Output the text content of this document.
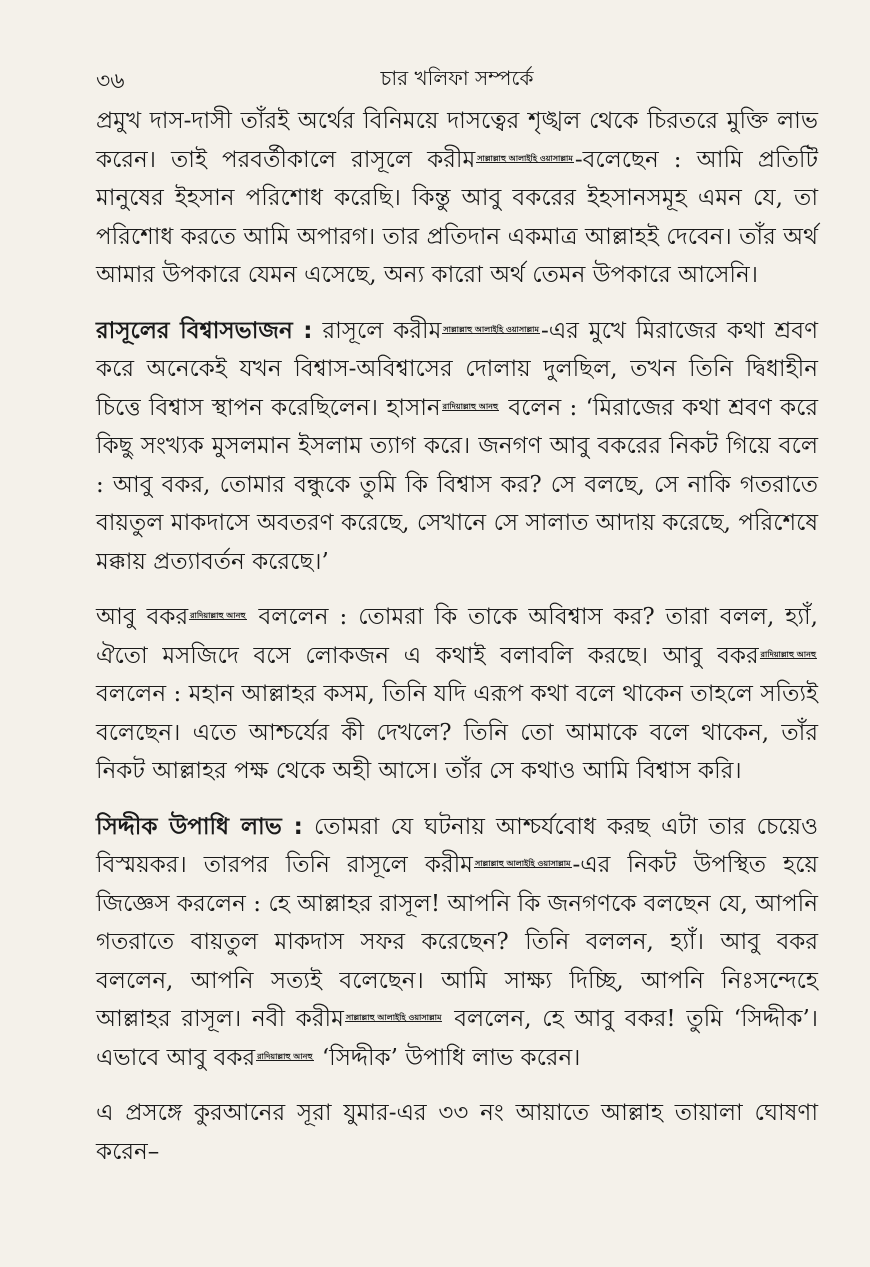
৩৬	চার খলিফা সম্পর্কে

প্রমুখ দাস-দাসী তাঁরই অর্থের বিনিময়ে দাসত্বের শৃঙ্খল থেকে চিরতরে মুক্তি লাভ করেন। তাই পরবর্তীকালে রাসূলে করীম সাল্লাল্লাহু আলাইহি ওয়াসাল্লাম-বলেছেন : আমি প্রতিটি মানুষের ইহসান পরিশোধ করেছি। কিন্তু আবু বকরের ইহসানসমূহ এমন যে, তা পরিশোধ করতে আমি অপারগ। তার প্রতিদান একমাত্র আল্লাহই দেবেন। তাঁর অর্থ আমার উপকারে যেমন এসেছে, অন্য কারো অর্থ তেমন উপকারে আসেনি।

রাসূলের বিশ্বাসভাজন : রাসূলে করীম সাল্লাল্লাহু আলাইহি ওয়াসাল্লাম-এর মুখে মিরাজের কথা শ্রবণ করে অনেকেই যখন বিশ্বাস-অবিশ্বাসের দোলায় দুলছিল, তখন তিনি দ্বিধাহীন চিত্তে বিশ্বাস স্থাপন করেছিলেন। হাসান রাদিয়াল্লাহু আনহু বলেন : ‘মিরাজের কথা শ্রবণ করে কিছু সংখ্যক মুসলমান ইসলাম ত্যাগ করে। জনগণ আবু বকরের নিকট গিয়ে বলে : আবু বকর, তোমার বন্ধুকে তুমি কি বিশ্বাস কর? সে বলছে, সে নাকি গতরাতে বায়তুল মাকদাসে অবতরণ করেছে, সেখানে সে সালাত আদায় করেছে, পরিশেষে মক্কায় প্রত্যাবর্তন করেছে।’

আবু বকর রাদিয়াল্লাহু আনহু বললেন : তোমরা কি তাকে অবিশ্বাস কর? তারা বলল, হ্যাঁ, ঐতো মসজিদে বসে লোকজন এ কথাই বলাবলি করছে। আবু বকর রাদিয়াল্লাহু আনহু বললেন : মহান আল্লাহর কসম, তিনি যদি এরূপ কথা বলে থাকেন তাহলে সত্যিই বলেছেন। এতে আশ্চর্যের কী দেখলে? তিনি তো আমাকে বলে থাকেন, তাঁর নিকট আল্লাহর পক্ষ থেকে অহী আসে। তাঁর সে কথাও আমি বিশ্বাস করি।

সিদ্দীক উপাধি লাভ : তোমরা যে ঘটনায় আশ্চর্যবোধ করছ এটা তার চেয়েও বিস্ময়কর। তারপর তিনি রাসূলে করীম সাল্লাল্লাহু আলাইহি ওয়াসাল্লাম-এর নিকট উপস্থিত হয়ে জিজ্ঞেস করলেন : হে আল্লাহর রাসূল! আপনি কি জনগণকে বলছেন যে, আপনি গতরাতে বায়তুল মাকদাস সফর করেছেন? তিনি বললন, হ্যাঁ। আবু বকর বললেন, আপনি সত্যই বলেছেন। আমি সাক্ষ্য দিচ্ছি, আপনি নিঃসন্দেহে আল্লাহর রাসূল। নবী করীম সাল্লাল্লাহু আলাইহি ওয়াসাল্লাম বললেন, হে আবু বকর! তুমি ‘সিদ্দীক’। এভাবে আবু বকর রাদিয়াল্লাহু আনহু ‘সিদ্দীক’ উপাধি লাভ করেন।

এ প্রসঙ্গে কুরআনের সূরা যুমার-এর ৩৩ নং আয়াতে আল্লাহ তায়ালা ঘোষণা করেন–
